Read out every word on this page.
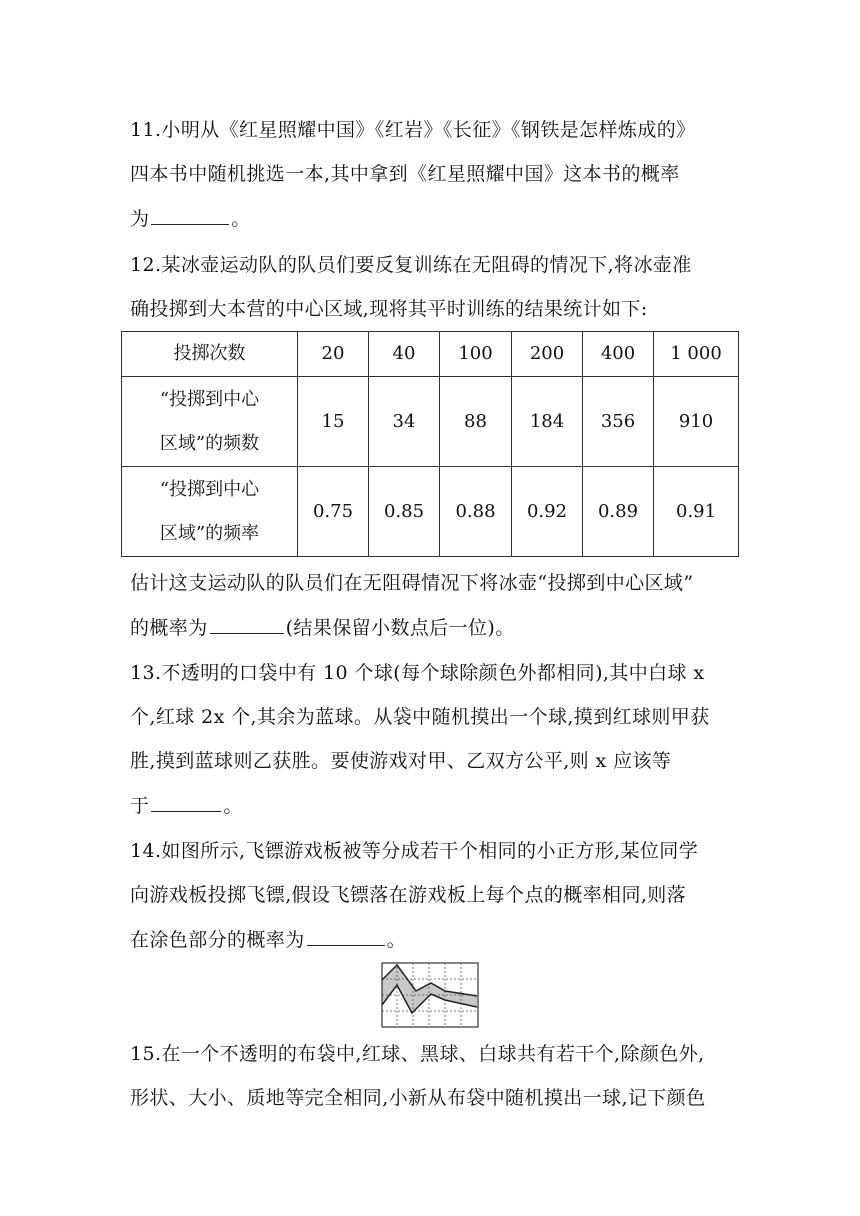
11.小明从《红星照耀中国》《红岩》《长征》《钢铁是怎样炼成的》
四本书中随机挑选一本,其中拿到《红星照耀中国》这本书的概率
为	。
12.某冰壶运动队的队员们要反复训练在无阻碍的情况下,将冰壶准
确投掷到大本营的中心区域,现将其平时训练的结果统计如下:
投掷次数	20	40	100	200	400	1 000

“投掷到中心
区域”的频数	15	34	88	184	356	910

“投掷到中心
区域”的频率	0.75	0.85	0.88	0.92	0.89	0.91
估计这支运动队的队员们在无阻碍情况下将冰壶“投掷到中心区域”
的概率为	(结果保留小数点后一位)。
13.不透明的口袋中有 10 个球(每个球除颜色外都相同),其中白球 x
个,红球 2x 个,其余为蓝球。从袋中随机摸出一个球,摸到红球则甲获
胜,摸到蓝球则乙获胜。要使游戏对甲、乙双方公平,则 x 应该等
于	。
14.如图所示,飞镖游戏板被等分成若干个相同的小正方形,某位同学
向游戏板投掷飞镖,假设飞镖落在游戏板上每个点的概率相同,则落
在涂色部分的概率为	。
15.在一个不透明的布袋中,红球、黑球、白球共有若干个,除颜色外,
形状、大小、质地等完全相同,小新从布袋中随机摸出一球,记下颜色
